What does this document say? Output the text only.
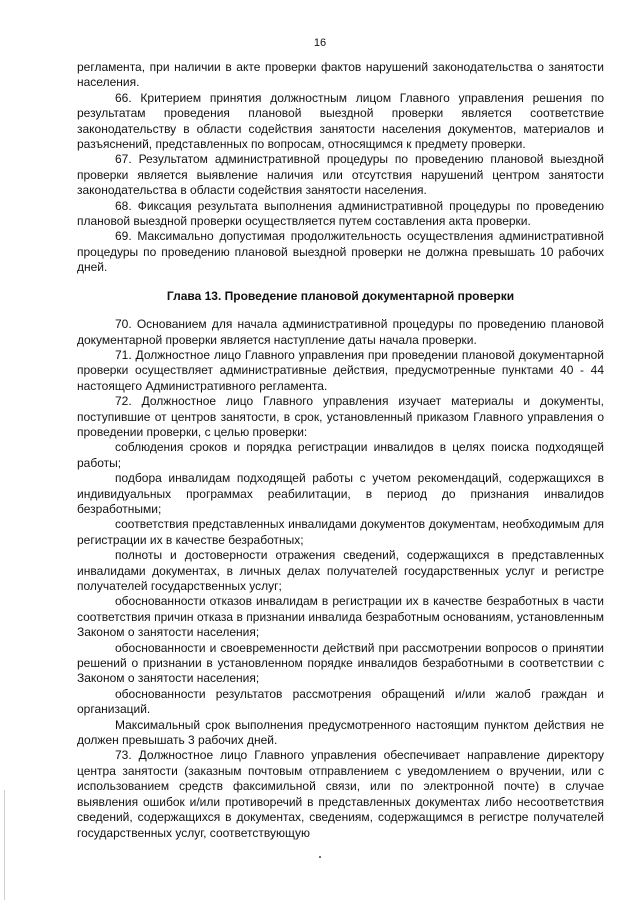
16

регламента, при наличии в акте проверки фактов нарушений законодательства о занятости населения.

66. Критерием принятия должностным лицом Главного управления решения по результатам проведения плановой выездной проверки является соответствие законодательству в области содействия занятости населения документов, материалов и разъяснений, представленных по вопросам, относящимся к предмету проверки.

67. Результатом административной процедуры по проведению плановой выездной проверки является выявление наличия или отсутствия нарушений центром занятости законодательства в области содействия занятости населения.

68. Фиксация результата выполнения административной процедуры по проведению плановой выездной проверки осуществляется путем составления акта проверки.

69. Максимально допустимая продолжительность осуществления административной процедуры по проведению плановой выездной проверки не должна превышать 10 рабочих дней.

Глава 13. Проведение плановой документарной проверки

70. Основанием для начала административной процедуры по проведению плановой документарной проверки является наступление даты начала проверки.

71. Должностное лицо Главного управления при проведении плановой документарной проверки осуществляет административные действия, предусмотренные пунктами 40 - 44 настоящего Административного регламента.

72. Должностное лицо Главного управления изучает материалы и документы, поступившие от центров занятости, в срок, установленный приказом Главного управления о проведении проверки, с целью проверки:

соблюдения сроков и порядка регистрации инвалидов в целях поиска подходящей работы;

подбора инвалидам подходящей работы с учетом рекомендаций, содержащихся в индивидуальных программах реабилитации, в период до признания инвалидов безработными;

соответствия представленных инвалидами документов документам, необходимым для регистрации их в качестве безработных;

полноты и достоверности отражения сведений, содержащихся в представленных инвалидами документах, в личных делах получателей государственных услуг и регистре получателей государственных услуг;

обоснованности отказов инвалидам в регистрации их в качестве безработных в части соответствия причин отказа в признании инвалида безработным основаниям, установленным Законом о занятости населения;

обоснованности и своевременности действий при рассмотрении вопросов о принятии решений о признании в установленном порядке инвалидов безработными в соответствии с Законом о занятости населения;

обоснованности результатов рассмотрения обращений и/или жалоб граждан и организаций.

Максимальный срок выполнения предусмотренного настоящим пунктом действия не должен превышать 3 рабочих дней.

73. Должностное лицо Главного управления обеспечивает направление директору центра занятости (заказным почтовым отправлением с уведомлением о вручении, или с использованием средств факсимильной связи, или по электронной почте) в случае выявления ошибок и/или противоречий в представленных документах либо несоответствия сведений, содержащихся в документах, сведениям, содержащимся в регистре получателей государственных услуг, соответствующую
